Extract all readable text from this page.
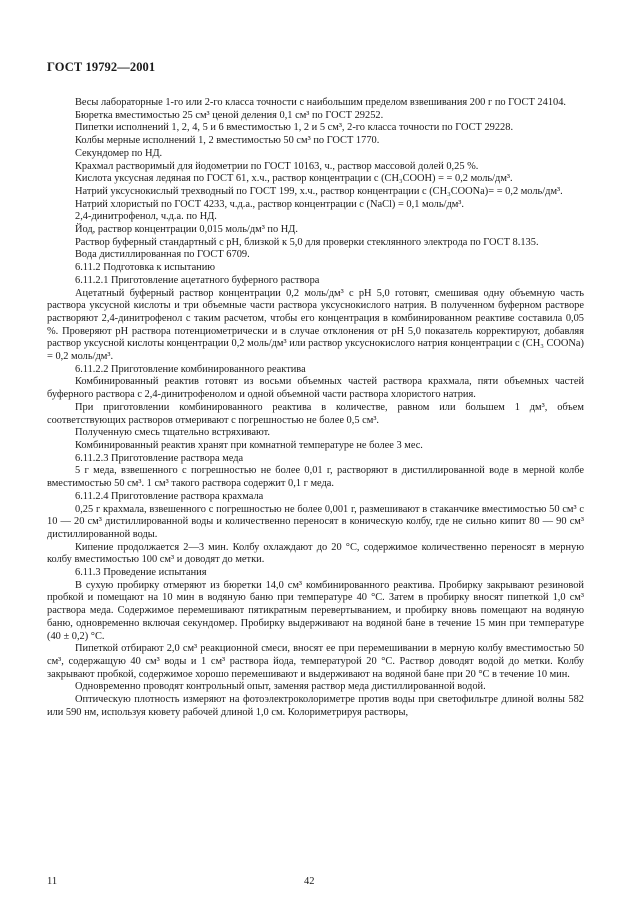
ГОСТ 19792—2001

Весы лабораторные 1-го или 2-го класса точности с наибольшим пределом взвешивания 200 г по ГОСТ 24104.

Бюретка вместимостью 25 см³ ценой деления 0,1 см³ по ГОСТ 29252.

Пипетки исполнений 1, 2, 4, 5 и 6 вместимостью 1, 2 и 5 см³, 2-го класса точности по ГОСТ 29228.

Колбы мерные исполнений 1, 2 вместимостью 50 см³ по ГОСТ 1770.

Секундомер по НД.

Крахмал растворимый для йодометрии по ГОСТ 10163, ч., раствор массовой долей 0,25 %.

Кислота уксусная ледяная по ГОСТ 61, х.ч., раствор концентрации c (CH₃COOH) = = 0,2 моль/дм³.

Натрий уксуснокислый трехводный по ГОСТ 199, х.ч., раствор концентрации c (CH₃COONa)= = 0,2 моль/дм³.

Натрий хлористый по ГОСТ 4233, ч.д.а., раствор концентрации c (NaCl) = 0,1 моль/дм³.

2,4-динитрофенол, ч.д.а. по НД.

Йод, раствор концентрации 0,015 моль/дм³ по НД.

Раствор буферный стандартный с pH, близкой к 5,0 для проверки стеклянного электрода по ГОСТ 8.135.

Вода дистиллированная по ГОСТ 6709.

6.11.2 Подготовка к испытанию

6.11.2.1 Приготовление ацетатного буферного раствора

Ацетатный буферный раствор концентрации 0,2 моль/дм³ с pH 5,0 готовят, смешивая одну объемную часть раствора уксусной кислоты и три объемные части раствора уксуснокислого натрия. В полученном буферном растворе растворяют 2,4-динитрофенол с таким расчетом, чтобы его концентрация в комбинированном реактиве составила 0,05 %. Проверяют pH раствора потенциометрически и в случае отклонения от pH 5,0 показатель корректируют, добавляя раствор уксусной кислоты концентрации 0,2 моль/дм³ или раствор уксуснокислого натрия концентрации c (CH₃ COONa) = 0,2 моль/дм³.

6.11.2.2 Приготовление комбинированного реактива

Комбинированный реактив готовят из восьми объемных частей раствора крахмала, пяти объемных частей буферного раствора с 2,4-динитрофенолом и одной объемной части раствора хлористого натрия.

При приготовлении комбинированного реактива в количестве, равном или большем 1 дм³, объем соответствующих растворов отмеривают с погрешностью не более 0,5 см³.

Полученную смесь тщательно встряхивают.

Комбинированный реактив хранят при комнатной температуре не более 3 мес.

6.11.2.3 Приготовление раствора меда

5 г меда, взвешенного с погрешностью не более 0,01 г, растворяют в дистиллированной воде в мерной колбе вместимостью 50 см³. 1 см³ такого раствора содержит 0,1 г меда.

6.11.2.4 Приготовление раствора крахмала

0,25 г крахмала, взвешенного с погрешностью не более 0,001 г, размешивают в стаканчике вместимостью 50 см³ с 10 — 20 см³ дистиллированной воды и количественно переносят в коническую колбу, где не сильно кипит 80 — 90 см³ дистиллированной воды.

Кипение продолжается 2—3 мин. Колбу охлаждают до 20 °С, содержимое количественно переносят в мерную колбу вместимостью 100 см³ и доводят до метки.

6.11.3 Проведение испытания

В сухую пробирку отмеряют из бюретки 14,0 см³ комбинированного реактива. Пробирку закрывают резиновой пробкой и помещают на 10 мин в водяную баню при температуре 40 °С. Затем в пробирку вносят пипеткой 1,0 см³ раствора меда. Содержимое перемешивают пятикратным перевертыванием, и пробирку вновь помещают на водяную баню, одновременно включая секундомер. Пробирку выдерживают на водяной бане в течение 15 мин при температуре (40 ± 0,2) °С.

Пипеткой отбирают 2,0 см³ реакционной смеси, вносят ее при перемешивании в мерную колбу вместимостью 50 см³, содержащую 40 см³ воды и 1 см³ раствора йода, температурой 20 °С. Раствор доводят водой до метки. Колбу закрывают пробкой, содержимое хорошо перемешивают и выдерживают на водяной бане при 20 °С в течение 10 мин.

Одновременно проводят контрольный опыт, заменяя раствор меда дистиллированной водой.

Оптическую плотность измеряют на фотоэлектроколориметре против воды при светофильтре длиной волны 582 или 590 нм, используя кювету рабочей длиной 1,0 см. Колориметрируя растворы,

11	42
